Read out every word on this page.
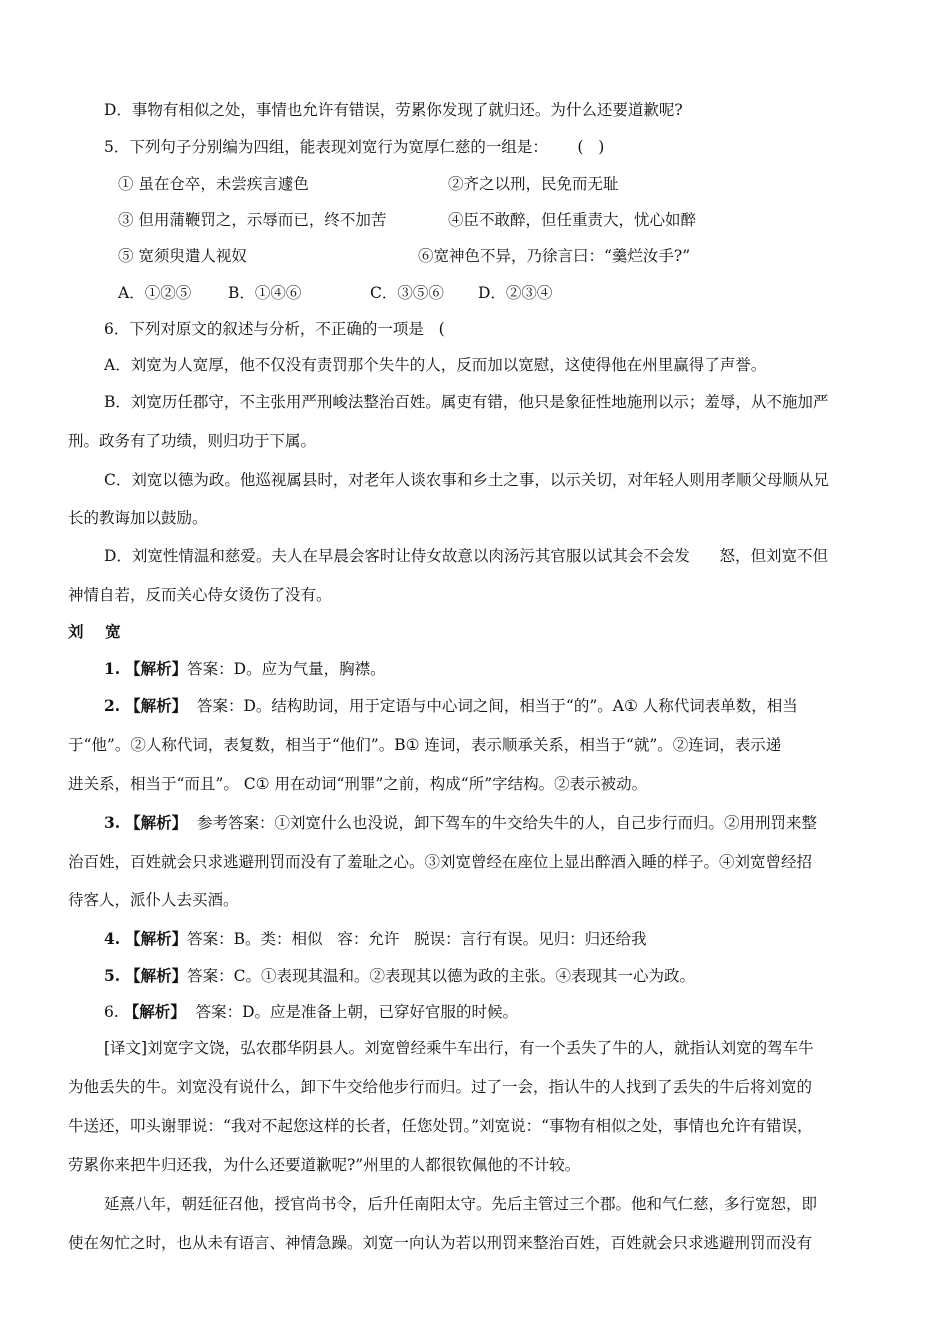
D．事物有相似之处，事情也允许有错误，劳累你发现了就归还。为什么还要道歉呢?
5．下列句子分别编为四组，能表现刘宽行为宽厚仁慈的一组是：      (   )
① 虽在仓卒，未尝疾言遽色	②齐之以刑，民免而无耻
③ 但用蒲鞭罚之，示辱而已，终不加苦	④臣不敢醉，但任重责大，忧心如醉
⑤ 宽须臾遣人视奴	⑥宽神色不异，乃徐言曰：“羹烂汝手?”
A．①②⑤ B．①④⑥	C．③⑤⑥ D．②③④
6．下列对原文的叙述与分析，不正确的一项是   (
A．刘宽为人宽厚，他不仅没有责罚那个失牛的人，反而加以宽慰，这使得他在州里赢得了声誉。
B．刘宽历任郡守，不主张用严刑峻法整治百姓。属吏有错，他只是象征性地施刑以示；羞辱，从不施加严
刑。政务有了功绩，则归功于下属。
C．刘宽以德为政。他巡视属县时，对老年人谈农事和乡土之事，以示关切，对年轻人则用孝顺父母顺从兄
长的教诲加以鼓励。
D．刘宽性情温和慈爱。夫人在早晨会客时让侍女故意以肉汤污其官服以试其会不会发      怒，但刘宽不但
神情自若，反而关心侍女烫伤了没有。
刘    宽
1. 【解析】答案：D。应为气量，胸襟。
2. 【解析】  答案：D。结构助词，用于定语与中心词之间，相当于“的”。A① 人称代词表单数，相当
于“他”。②人称代词，表复数，相当于“他们”。B① 连词，表示顺承关系，相当于“就”。②连词，表示递
进关系，相当于“而且”。 C① 用在动词“刑罪”之前，构成“所”字结构。②表示被动。
3. 【解析】  参考答案：①刘宽什么也没说，卸下驾车的牛交给失牛的人，自己步行而归。②用刑罚来整
治百姓，百姓就会只求逃避刑罚而没有了羞耻之心。③刘宽曾经在座位上显出醉酒入睡的样子。④刘宽曾经招
待客人，派仆人去买酒。
4. 【解析】答案：B。类：相似   容：允许   脱误：言行有误。见归：归还给我
5. 【解析】答案：C。①表现其温和。②表现其以德为政的主张。④表现其一心为政。
6. 【解析】  答案：D。应是准备上朝，已穿好官服的时候。
[译文]刘宽字文饶，弘农郡华阴县人。刘宽曾经乘牛车出行，有一个丢失了牛的人，就指认刘宽的驾车牛
为他丢失的牛。刘宽没有说什么，卸下牛交给他步行而归。过了一会，指认牛的人找到了丢失的牛后将刘宽的
牛送还，叩头谢罪说：“我对不起您这样的长者，任您处罚。”刘宽说：“事物有相似之处，事情也允许有错误，
劳累你来把牛归还我，为什么还要道歉呢?”州里的人都很钦佩他的不计较。
延熹八年，朝廷征召他，授官尚书令，后升任南阳太守。先后主管过三个郡。他和气仁慈，多行宽恕，即
使在匆忙之时，也从未有语言、神情急躁。刘宽一向认为若以刑罚来整治百姓，百姓就会只求逃避刑罚而没有
